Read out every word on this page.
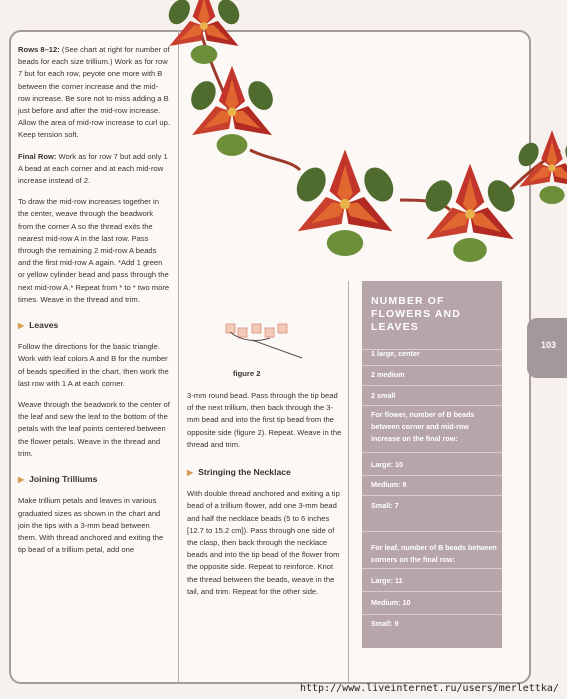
103

Rows 8–12: (See chart at right for number of beads for each size trillium.) Work as for row 7 but for each row, peyote one more with B between the corner increase and the mid-row increase. Be sure not to miss adding a B just before and after the mid-row increase. Allow the area of mid-row increase to curl up. Keep tension soft.

Final Row: Work as for row 7 but add only 1 A bead at each corner and at each mid-row increase instead of 2.

To draw the mid-row increases together in the center, weave through the beadwork from the corner A so the thread exits the nearest mid-row A in the last row. Pass through the remaining 2 mid-row A beads and the first mid-row A again. *Add 1 green or yellow cylinder bead and pass through the next mid-row A.* Repeat from * to * two more times. Weave in the thread and trim.

▶ Leaves

Follow the directions for the basic triangle. Work with leaf colors A and B for the number of beads specified in the chart, then work the last row with 1 A at each corner.

Weave through the beadwork to the center of the leaf and sew the leaf to the bottom of the petals with the leaf points centered between the flower petals. Weave in the thread and trim.

▶ Joining Trilliums

Make trillium petals and leaves in various graduated sizes as shown in the chart and join the tips with a 3-mm bead between them. With thread anchored and exiting the tip bead of a trillium petal, add one

figure 2

3-mm round bead. Pass through the tip bead of the next trillium, then back through the 3-mm bead and into the first tip bead from the opposite side (figure 2). Repeat. Weave in the thread and trim.

▶ Stringing the Necklace

With double thread anchored and exiting a tip bead of a trillium flower, add one 3-mm bead and half the necklace beads (5 to 6 inches [12.7 to 15.2 cm]). Pass through one side of the clasp, then back through the necklace beads and into the tip bead of the flower from the opposite side. Repeat to reinforce. Knot the thread between the beads, weave in the tail, and trim. Repeat for the other side.

NUMBER OF FLOWERS AND LEAVES
1 large, center
2 medium
2 small
For flower, number of B beads between corner and mid-row increase on the final row:
Large: 10
Medium: 8
Small: 7
For leaf, number of B beads between corners on the final row:
Large: 11
Medium: 10
Small: 9
http://www.liveinternet.ru/users/merlettka/
